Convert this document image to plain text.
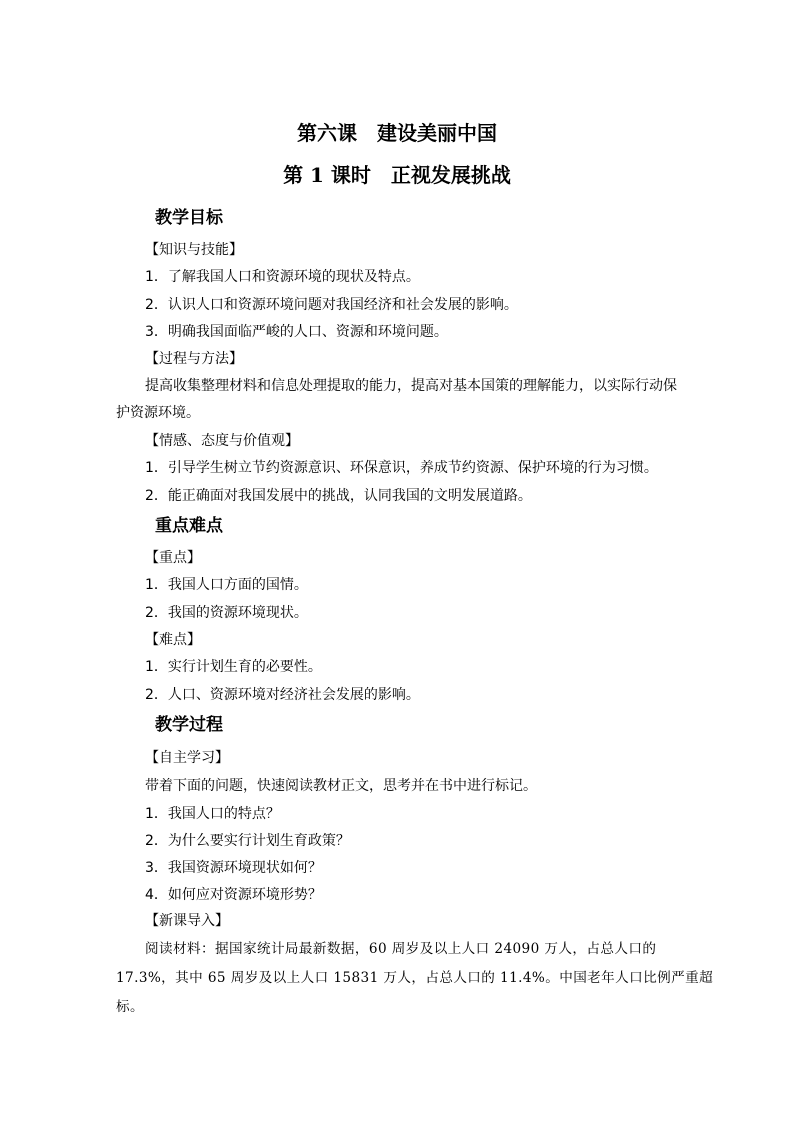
第六课　建设美丽中国
第 1 课时　正视发展挑战
教学目标
【知识与技能】
1．了解我国人口和资源环境的现状及特点。
2．认识人口和资源环境问题对我国经济和社会发展的影响。
3．明确我国面临严峻的人口、资源和环境问题。
【过程与方法】
提高收集整理材料和信息处理提取的能力，提高对基本国策的理解能力，以实际行动保
护资源环境。
【情感、态度与价值观】
1．引导学生树立节约资源意识、环保意识，养成节约资源、保护环境的行为习惯。
2．能正确面对我国发展中的挑战，认同我国的文明发展道路。
重点难点
【重点】
1．我国人口方面的国情。
2．我国的资源环境现状。
【难点】
1．实行计划生育的必要性。
2．人口、资源环境对经济社会发展的影响。
教学过程
【自主学习】
带着下面的问题，快速阅读教材正文，思考并在书中进行标记。
1．我国人口的特点？
2．为什么要实行计划生育政策？
3．我国资源环境现状如何？
4．如何应对资源环境形势？
【新课导入】
阅读材料：据国家统计局最新数据，60 周岁及以上人口 24090 万人，占总人口的
17.3%，其中 65 周岁及以上人口 15831 万人，占总人口的 11.4%。中国老年人口比例严重超
标。
